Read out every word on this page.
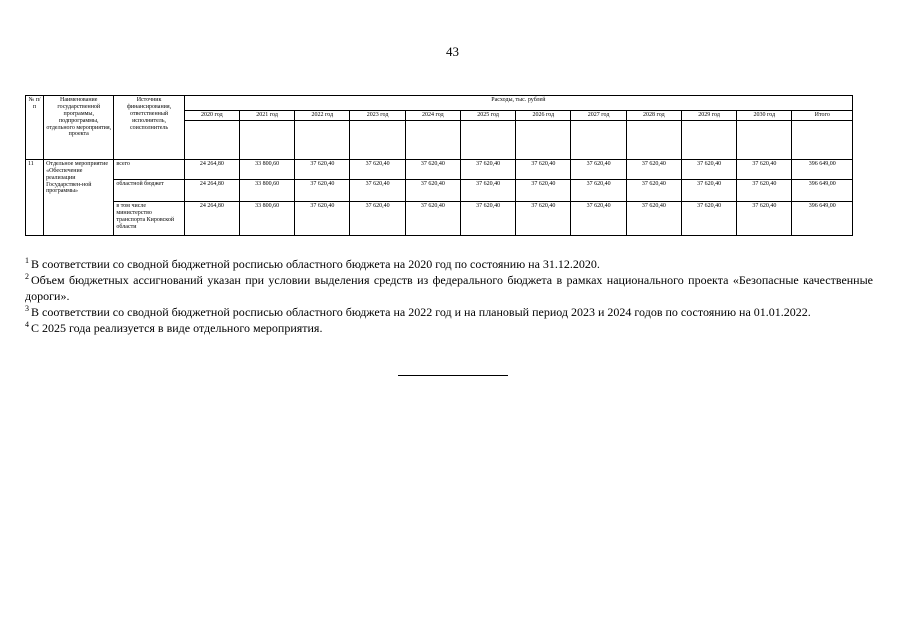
43
№ п/п	Наименование государственной программы, подпрограммы, отдельного мероприятия, проекта	Источник финансирования, ответственный исполнитель, соисполнитель	Расходы, тыс. рублей											
			2020 год	2021 год	2022 год	2023 год	2024 год	2025 год	2026 год	2027 год	2028 год	2029 год	2030 год	Итого

11	Отдельное мероприятие «Обеспечение реализации Государствен-ной программы»	всего	24 264,80	33 800,60	37 620,40	37 620,40	37 620,40	37 620,40	37 620,40	37 620,40	37 620,40	37 620,40	37 620,40	396 649,00
		областной бюджет	24 264,80	33 800,60	37 620,40	37 620,40	37 620,40	37 620,40	37 620,40	37 620,40	37 620,40	37 620,40	37 620,40	396 649,00
		в том числе министерство транспорта Кировской области	24 264,80	33 800,60	37 620,40	37 620,40	37 620,40	37 620,40	37 620,40	37 620,40	37 620,40	37 620,40	37 620,40	396 649,00

$^1$ В соответствии со сводной бюджетной росписью областного бюджета на 2020 год по состоянию на 31.12.2020.

$^2$ Объем бюджетных ассигнований указан при условии выделения средств из федерального бюджета в рамках национального проекта «Безопасные качественные дороги».

$^3$ В соответствии со сводной бюджетной росписью областного бюджета на 2022 год и на плановый период 2023 и 2024 годов по состоянию на 01.01.2022.

$^4$ С 2025 года реализуется в виде отдельного мероприятия.
